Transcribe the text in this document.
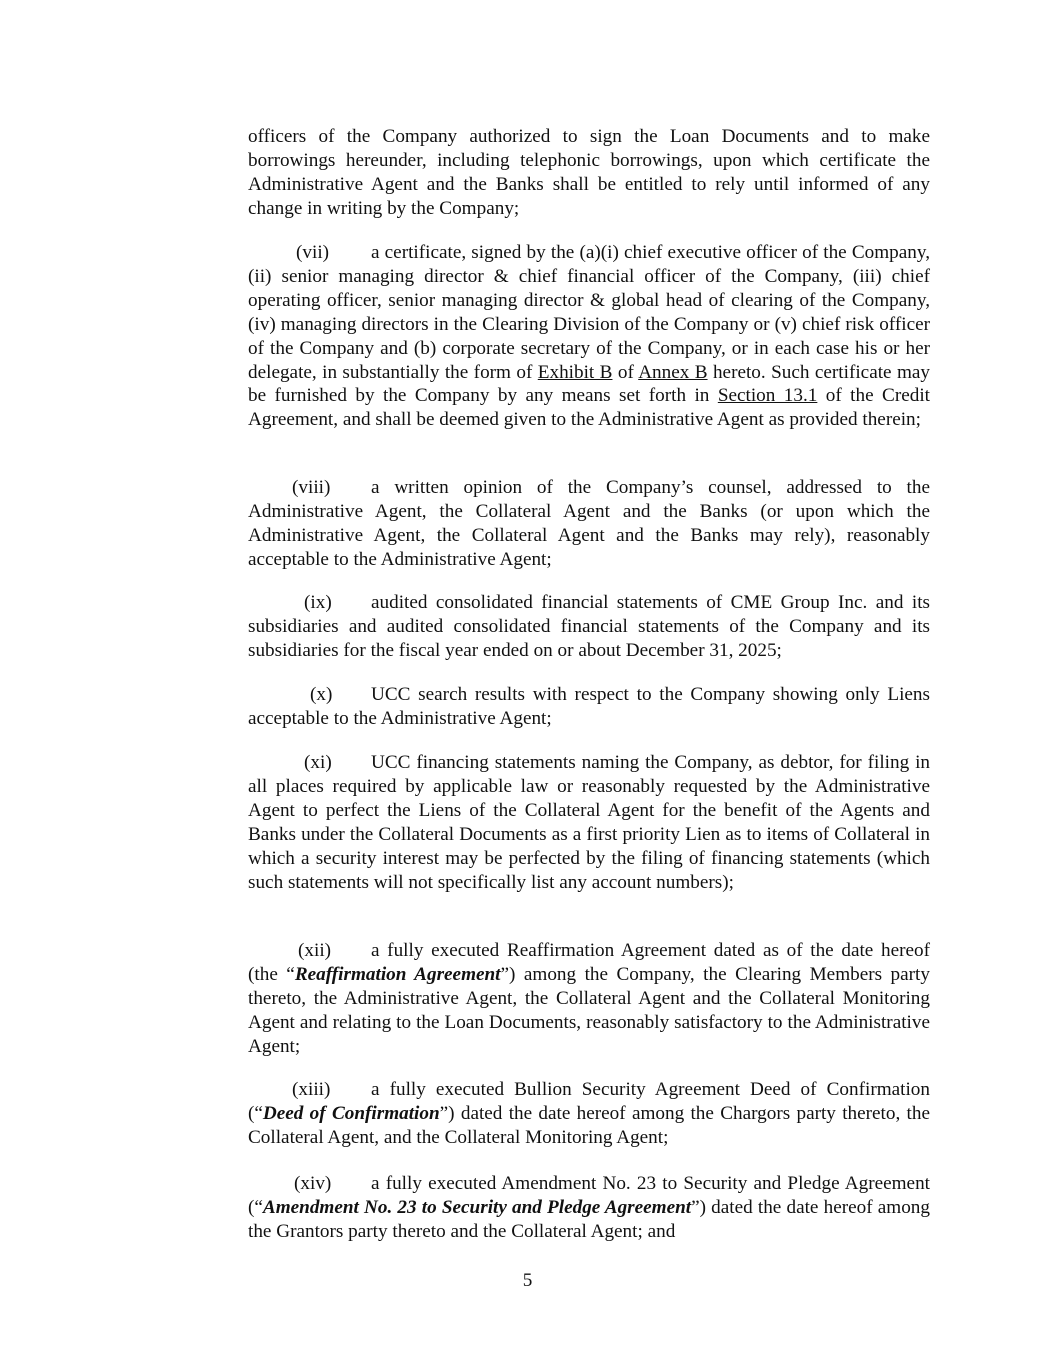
officers of the Company authorized to sign the Loan Documents and to make borrowings hereunder, including telephonic borrowings, upon which certificate the Administrative Agent and the Banks shall be entitled to rely until informed of any change in writing by the Company;

(vii) a certificate, signed by the (a)(i) chief executive officer of the Company, (ii) senior managing director & chief financial officer of the Company, (iii) chief operating officer, senior managing director & global head of clearing of the Company, (iv) managing directors in the Clearing Division of the Company or (v) chief risk officer of the Company and (b) corporate secretary of the Company, or in each case his or her delegate, in substantially the form of Exhibit B of Annex B hereto. Such certificate may be furnished by the Company by any means set forth in Section 13.1 of the Credit Agreement, and shall be deemed given to the Administrative Agent as provided therein;

(viii) a written opinion of the Company’s counsel, addressed to the Administrative Agent, the Collateral Agent and the Banks (or upon which the Administrative Agent, the Collateral Agent and the Banks may rely), reasonably acceptable to the Administrative Agent;

(ix) audited consolidated financial statements of CME Group Inc. and its subsidiaries and audited consolidated financial statements of the Company and its subsidiaries for the fiscal year ended on or about December 31, 2025;

(x) UCC search results with respect to the Company showing only Liens acceptable to the Administrative Agent;

(xi) UCC financing statements naming the Company, as debtor, for filing in all places required by applicable law or reasonably requested by the Administrative Agent to perfect the Liens of the Collateral Agent for the benefit of the Agents and Banks under the Collateral Documents as a first priority Lien as to items of Collateral in which a security interest may be perfected by the filing of financing statements (which such statements will not specifically list any account numbers);

(xii) a fully executed Reaffirmation Agreement dated as of the date hereof (the “Reaffirmation Agreement”) among the Company, the Clearing Members party thereto, the Administrative Agent, the Collateral Agent and the Collateral Monitoring Agent and relating to the Loan Documents, reasonably satisfactory to the Administrative Agent;

(xiii) a fully executed Bullion Security Agreement Deed of Confirmation (“Deed of Confirmation”) dated the date hereof among the Chargors party thereto, the Collateral Agent, and the Collateral Monitoring Agent;

(xiv) a fully executed Amendment No. 23 to Security and Pledge Agreement (“Amendment No. 23 to Security and Pledge Agreement”) dated the date hereof among the Grantors party thereto and the Collateral Agent; and

5
